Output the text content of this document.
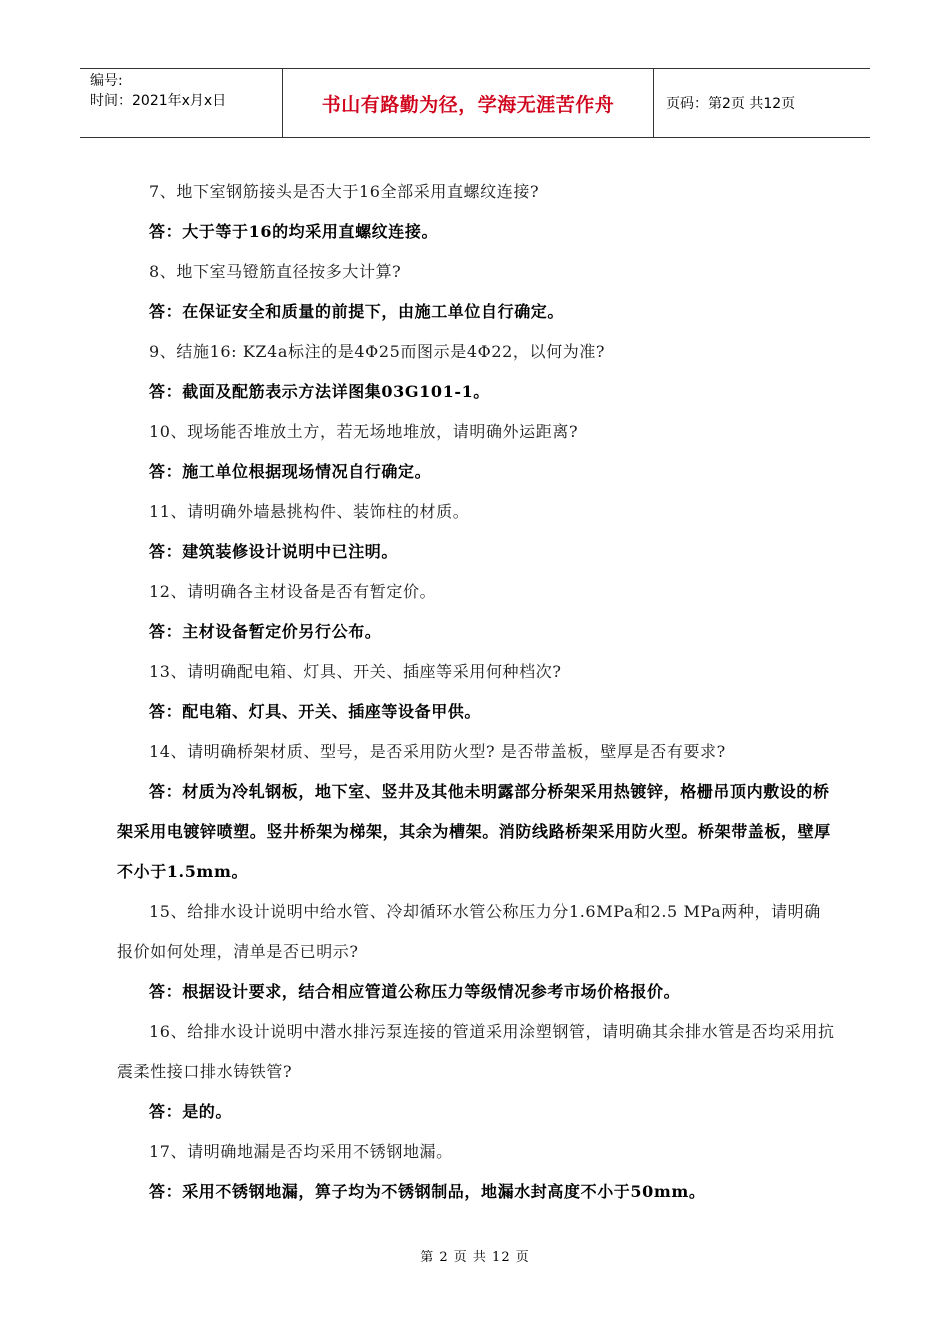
编号:
时间：2021年x月x日	书山有路勤为径，学海无涯苦作舟	页码：第2页 共12页

7、地下室钢筋接头是否大于16全部采用直螺纹连接?

答：大于等于16的均采用直螺纹连接。

8、地下室马镫筋直径按多大计算?

答：在保证安全和质量的前提下，由施工单位自行确定。

9、结施16: KZ4a标注的是4Φ25而图示是4Φ22，以何为准?

答：截面及配筋表示方法详图集03G101-1。

10、现场能否堆放土方，若无场地堆放，请明确外运距离?

答：施工单位根据现场情况自行确定。

11、请明确外墙悬挑构件、装饰柱的材质。

答：建筑装修设计说明中已注明。

12、请明确各主材设备是否有暂定价。

答：主材设备暂定价另行公布。

13、请明确配电箱、灯具、开关、插座等采用何种档次?

答：配电箱、灯具、开关、插座等设备甲供。

14、请明确桥架材质、型号，是否采用防火型? 是否带盖板，壁厚是否有要求?

答：材质为冷轧钢板，地下室、竖井及其他未明露部分桥架采用热镀锌，格栅吊顶内敷设的桥架采用电镀锌喷塑。竖井桥架为梯架，其余为槽架。消防线路桥架采用防火型。桥架带盖板，壁厚不小于1.5mm。

15、给排水设计说明中给水管、冷却循环水管公称压力分1.6MPa和2.5 MPa两种，请明确报价如何处理，清单是否已明示?

答：根据设计要求，结合相应管道公称压力等级情况参考市场价格报价。

16、给排水设计说明中潜水排污泵连接的管道采用涂塑钢管，请明确其余排水管是否均采用抗震柔性接口排水铸铁管?

答：是的。

17、请明确地漏是否均采用不锈钢地漏。

答：采用不锈钢地漏，箅子均为不锈钢制品，地漏水封高度不小于50mm。

第 2 页 共 12 页
